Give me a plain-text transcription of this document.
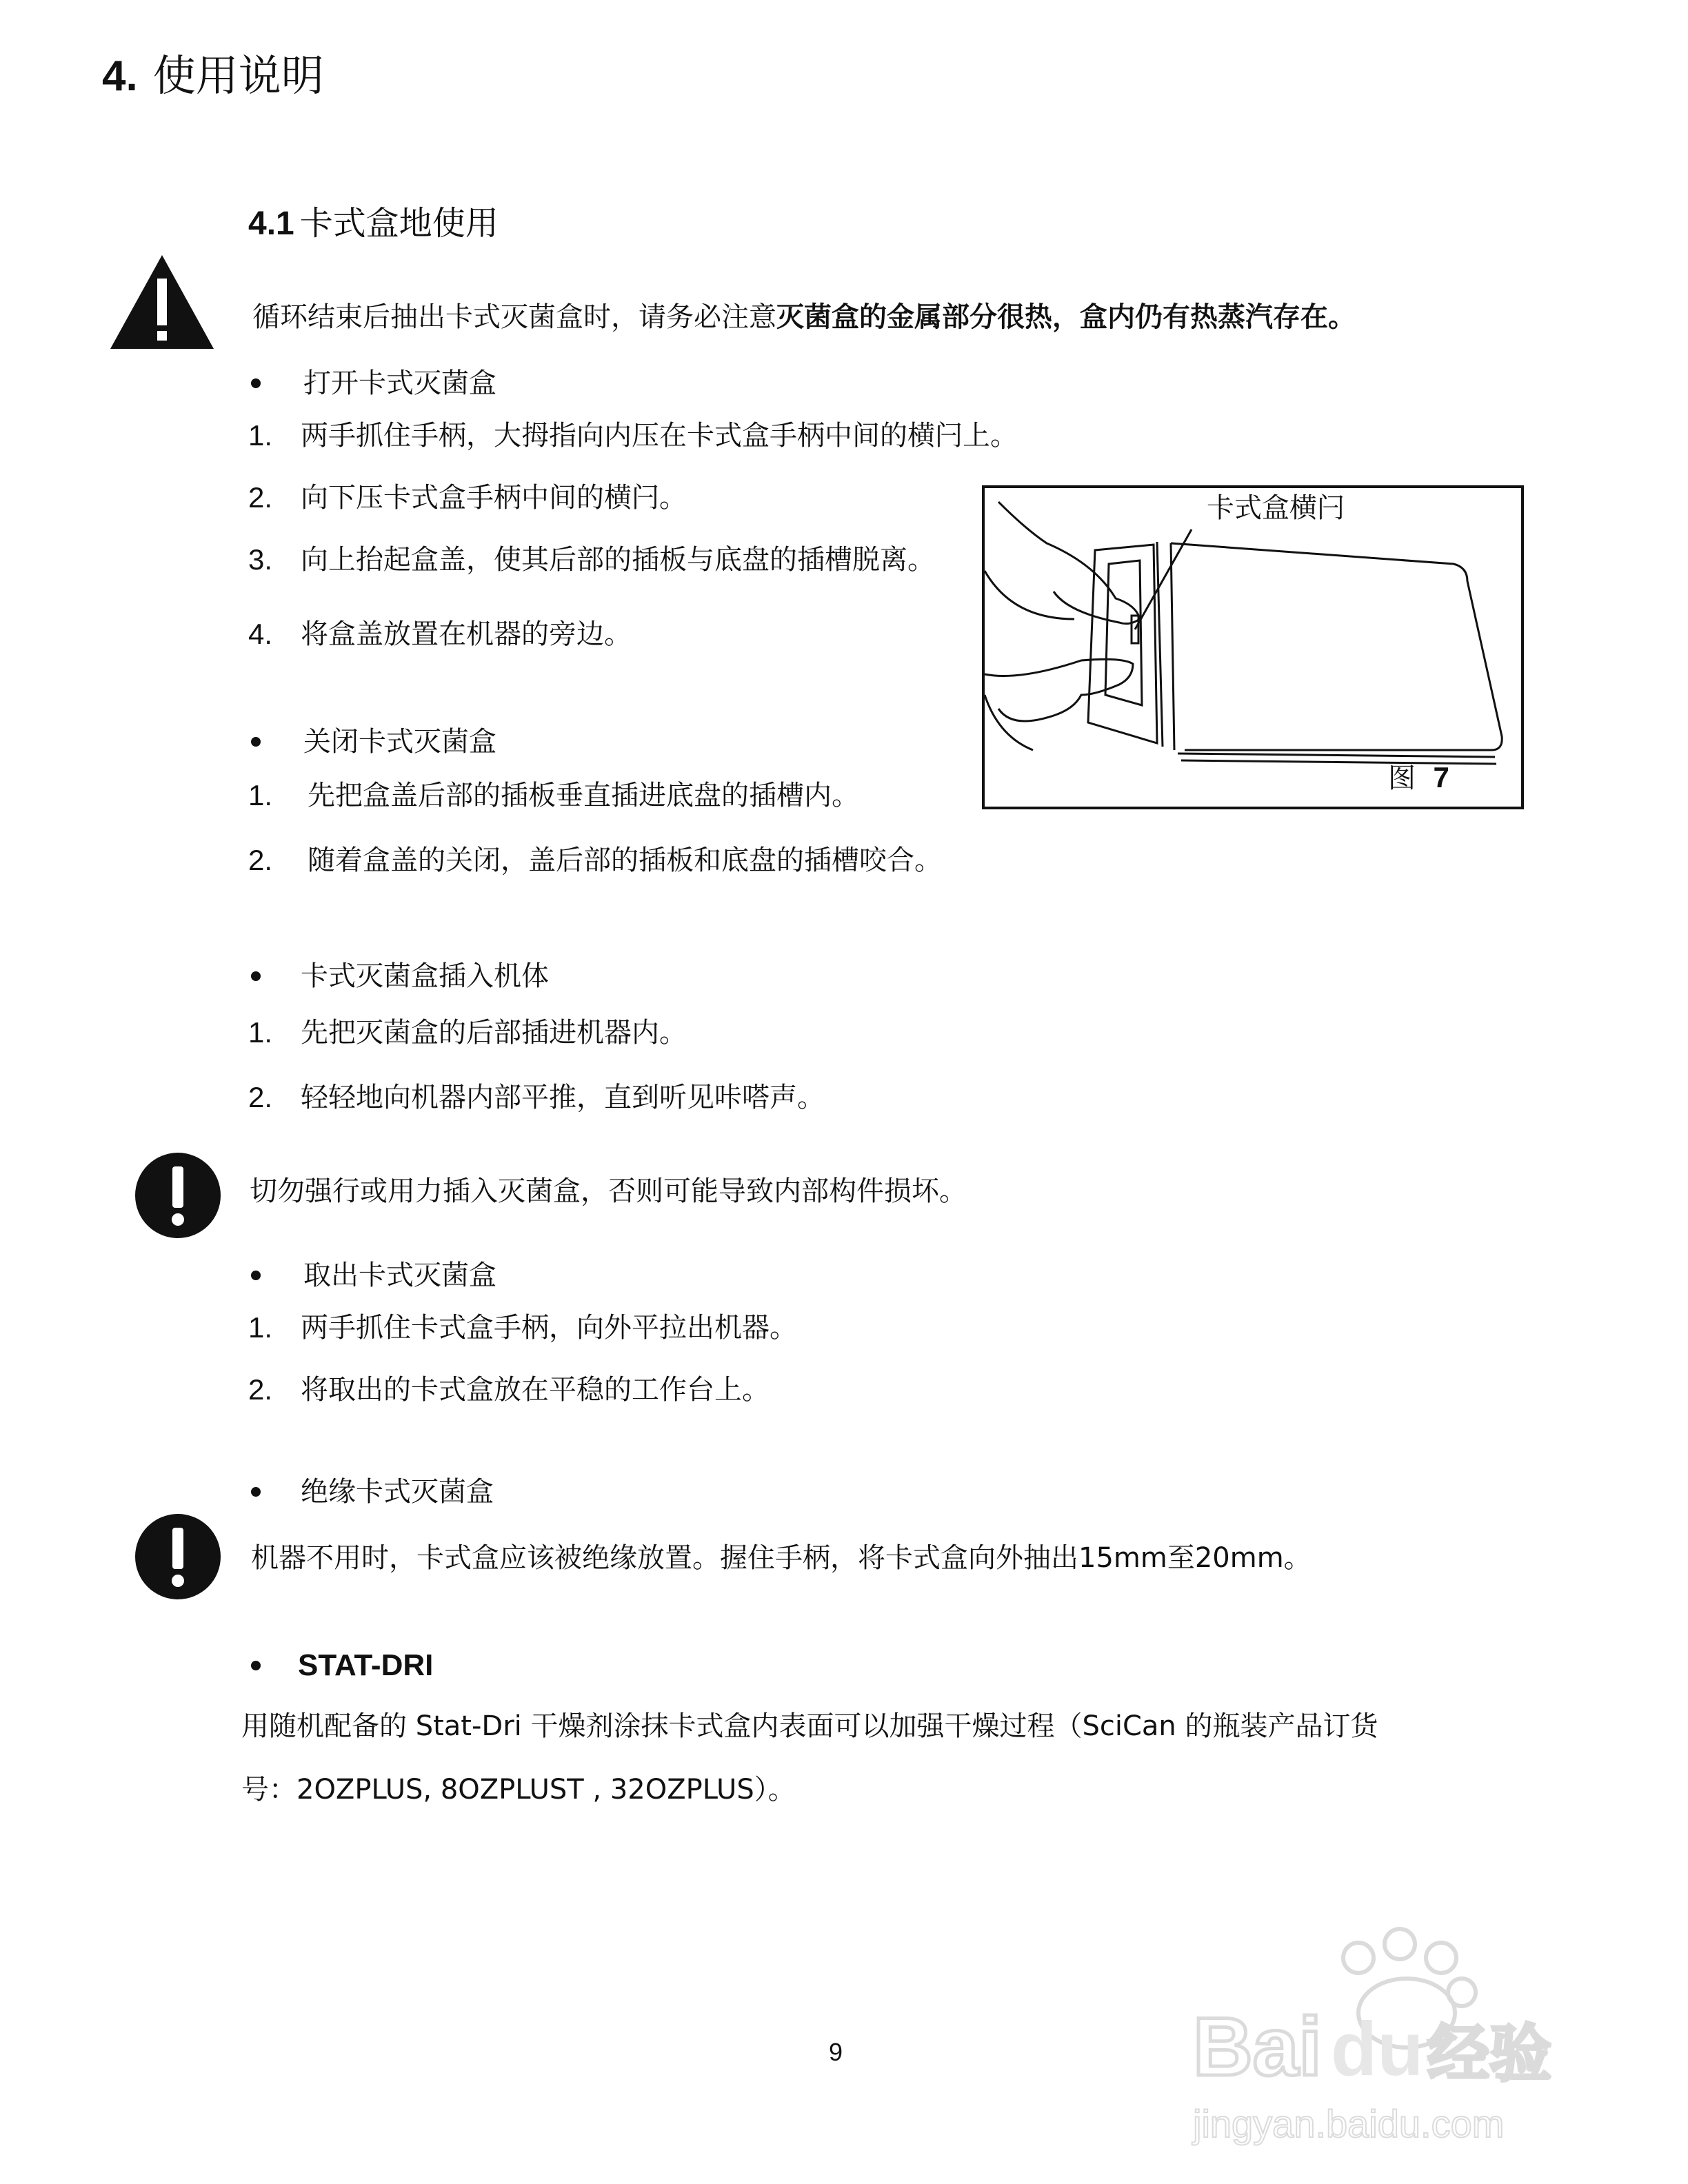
4. 使用说明
4.1 卡式盒地使用
循环结束后抽出卡式灭菌盒时，请务必注意灭菌盒的金属部分很热，盒内仍有热蒸汽存在。
打开卡式灭菌盒
1. 两手抓住手柄，大拇指向内压在卡式盒手柄中间的横闩上。
2. 向下压卡式盒手柄中间的横闩。
3. 向上抬起盒盖，使其后部的插板与底盘的插槽脱离。
4. 将盒盖放置在机器的旁边。
卡式盒横闩
图 7
关闭卡式灭菌盒
1. 先把盒盖后部的插板垂直插进底盘的插槽内。
2. 随着盒盖的关闭，盖后部的插板和底盘的插槽咬合。
卡式灭菌盒插入机体
1. 先把灭菌盒的后部插进机器内。
2. 轻轻地向机器内部平推，直到听见咔嗒声。
切勿强行或用力插入灭菌盒，否则可能导致内部构件损坏。
取出卡式灭菌盒
1. 两手抓住卡式盒手柄，向外平拉出机器。
2. 将取出的卡式盒放在平稳的工作台上。
绝缘卡式灭菌盒
机器不用时，卡式盒应该被绝缘放置。握住手柄，将卡式盒向外抽出15mm至20mm。
STAT-DRI
用随机配备的 Stat-Dri 干燥剂涂抹卡式盒内表面可以加强干燥过程（SciCan 的瓶装产品订货
号：2OZPLUS, 8OZPLUST , 32OZPLUS）。
9	Bai du 经验
jingyan.baidu.com
